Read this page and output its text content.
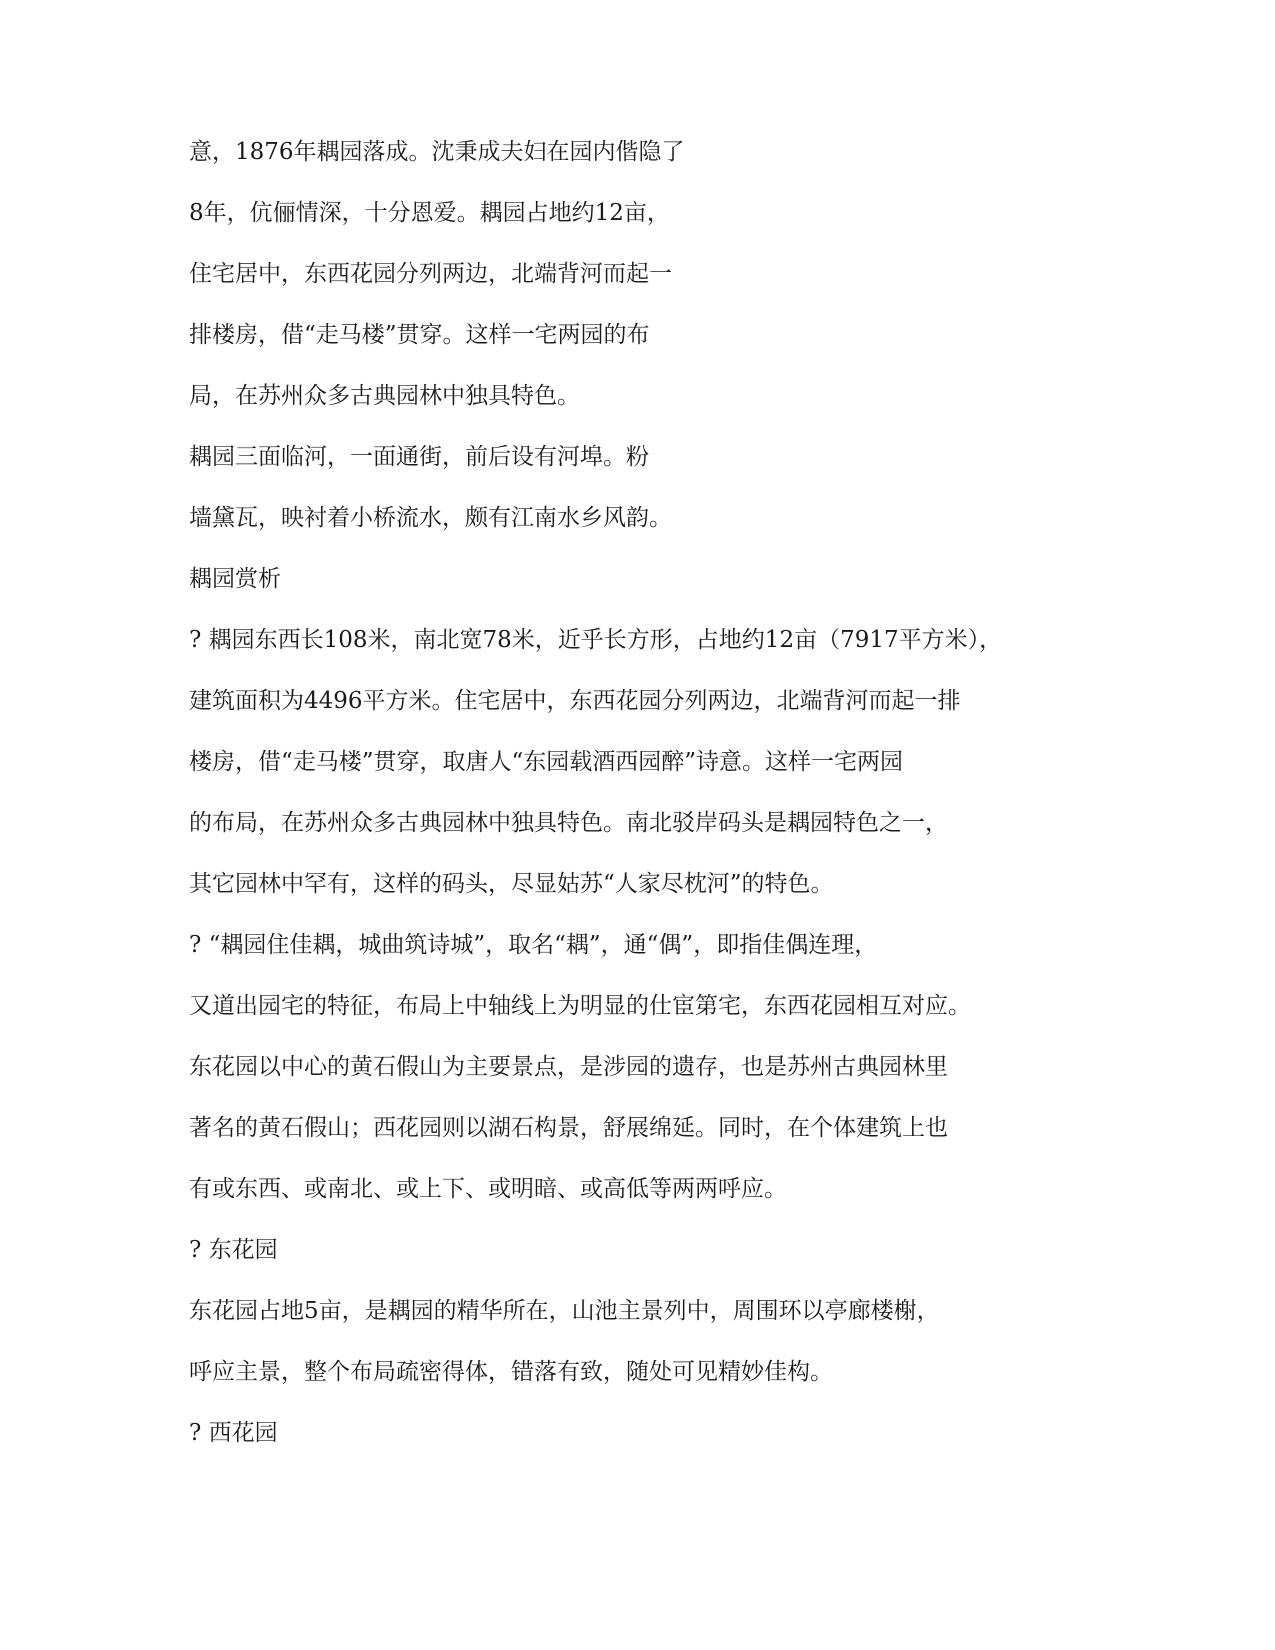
意，1876年耦园落成。沈秉成夫妇在园内偕隐了
8年，伉俪情深，十分恩爱。耦园占地约12亩，
住宅居中，东西花园分列两边，北端背河而起一
排楼房，借“走马楼”贯穿。这样一宅两园的布
局，在苏州众多古典园林中独具特色。
耦园三面临河，一面通街，前后设有河埠。粉
墙黛瓦，映衬着小桥流水，颇有江南水乡风韵。
耦园赏析
? 耦园东西长108米，南北宽78米，近乎长方形，占地约12亩（7917平方米），
建筑面积为4496平方米。住宅居中，东西花园分列两边，北端背河而起一排
楼房，借“走马楼”贯穿，取唐人“东园载酒西园醉”诗意。这样一宅两园
的布局，在苏州众多古典园林中独具特色。南北驳岸码头是耦园特色之一，
其它园林中罕有，这样的码头，尽显姑苏“人家尽枕河”的特色。
? “耦园住佳耦，城曲筑诗城”，取名“耦”，通“偶”，即指佳偶连理，
又道出园宅的特征，布局上中轴线上为明显的仕宦第宅，东西花园相互对应。
东花园以中心的黄石假山为主要景点，是涉园的遗存，也是苏州古典园林里
著名的黄石假山；西花园则以湖石构景，舒展绵延。同时，在个体建筑上也
有或东西、或南北、或上下、或明暗、或高低等两两呼应。
? 东花园
东花园占地5亩，是耦园的精华所在，山池主景列中，周围环以亭廊楼榭，
呼应主景，整个布局疏密得体，错落有致，随处可见精妙佳构。
? 西花园
